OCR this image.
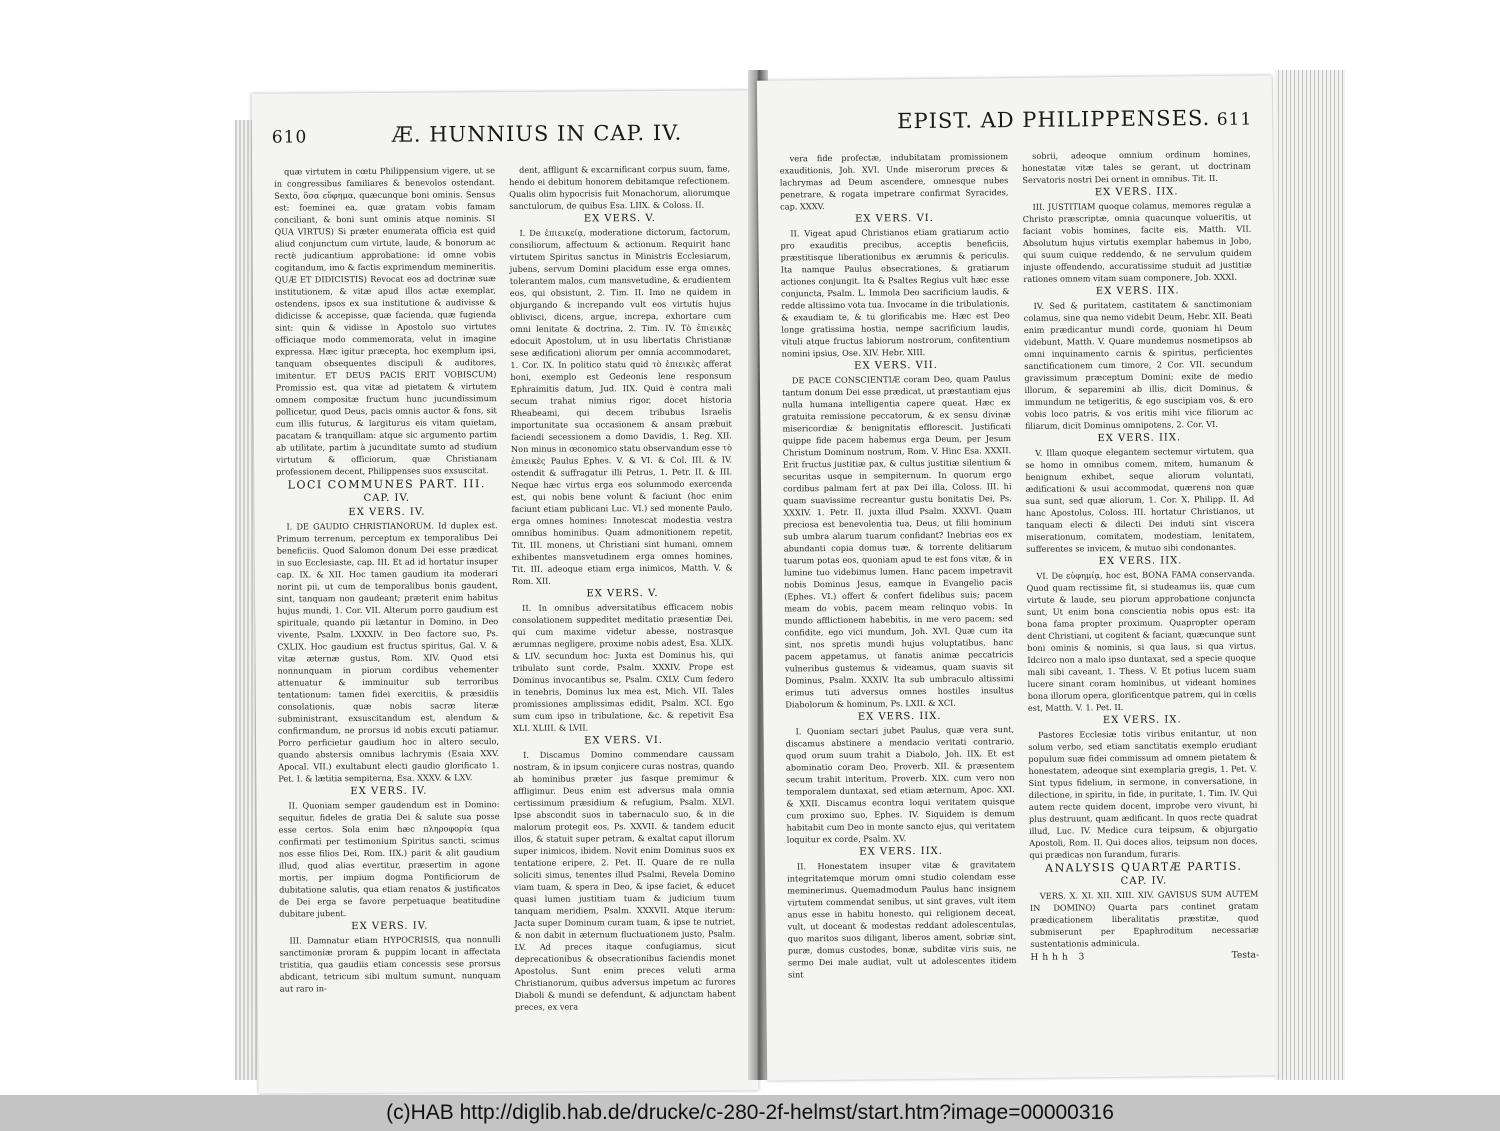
610	Æ. HUNNIUS IN CAP. IV.

quæ virtutem in cœtu Philippensium vigere, ut se in congressibus familiares & benevolos ostendant. Sexto, ὅσα εὔφημα, quæcunque boni ominis. Sensus est: foeminei ea, quæ gratam vobis famam conciliant, & boni sunt ominis atque nominis. SI QUA VIRTUS) Si præter enumerata officia est quid aliud conjunctum cum virtute, laude, & bonorum ac rectè judicantium approbatione: id omne vobis cogitandum, imo & factis exprimendum memineritis. QUÆ ET DIDICISTIS) Revocat eos ad doctrinæ suæ institutionem, & vitæ apud illos actæ exemplar, ostendens, ipsos ex sua institutione & audivisse & didicisse & accepisse, quæ facienda, quæ fugienda sint: quin & vidisse in Apostolo suo virtutes officiaque modo commemorata, velut in imagine expressa. Hæc igitur præcepta, hoc exemplum ipsi, tanquam obsequentes discipuli & auditores, imitentur. ET DEUS PACIS ERIT VOBISCUM) Promissio est, qua vitæ ad pietatem & virtutem omnem compositæ fructum hunc jucundissimum pollicetur, quod Deus, pacis omnis auctor & fons, sit cum illis futurus, & largiturus eis vitam quietam, pacatam & tranquillam: atque sic argumento partim ab utilitate, partim à jucunditate sumto ad studium virtutum & officiorum, quæ Christianam professionem decent, Philippenses suos exsuscitat.

LOCI COMMUNES PART. III.
CAP. IV.
EX VERS. IV.

I. DE GAUDIO CHRISTIANORUM. Id duplex est. Primum terrenum, perceptum ex temporalibus Dei beneficiis. Quod Salomon donum Dei esse prædicat in suo Ecclesiaste, cap. III. Et ad id hortatur insuper cap. IX. & XII. Hoc tamen gaudium ita moderari norint pii, ut cum de temporalibus bonis gaudent, sint, tanquam non gaudeant; præterit enim habitus hujus mundi, 1. Cor. VII. Alterum porro gaudium est spirituale, quando pii lætantur in Domino, in Deo vivente, Psalm. LXXXIV. in Deo factore suo, Ps. CXLIX. Hoc gaudium est fructus spiritus, Gal. V. & vitæ æternæ gustus, Rom. XIV. Quod etsi nonnunquam in piorum cordibus vehementer attenuatur & imminuitur sub terroribus tentationum: tamen fidei exercitiis, & præsidiis consolationis, quæ nobis sacræ literæ subministrant, exsuscitandum est, alendum & confirmandum, ne prorsus id nobis excuti patiamur. Porro perficietur gaudium hoc in altero seculo, quando abstersis omnibus lachrymis (Esaia XXV. Apocal. VII.) exultabunt electi gaudio glorificato 1. Pet. I. & lætitia sempiterna, Esa. XXXV. & LXV.

EX VERS. IV.

II. Quoniam semper gaudendum est in Domino: sequitur, fideles de gratia Dei & salute sua posse esse certos. Sola enim hæc πληροφορία (qua confirmati per testimonium Spiritus sancti, scimus nos esse filios Dei, Rom. IIX.) parit & alit gaudium illud, quod alias evertitur, præsertim in agone mortis, per impium dogma Pontificiorum de dubitatione salutis, qua etiam renatos & justificatos de Dei erga se favore perpetuaque beatitudine dubitare jubent.

EX VERS. IV.

III. Damnatur etiam HYPOCRISIS, qua nonnulli sanctimoniæ proram & puppim locant in affectata tristitia, qua gaudiis etiam concessis sese prorsus abdicant, tetricum sibi multum sumunt, nunquam aut raro in-

dent, affligunt & excarnificant corpus suum, fame, hendo ei debitum honorem debitamque refectionem. Qualis olim hypocrisis fuit Monachorum, aliorumque sanctulorum, de quibus Esa. LIIX. & Coloss. II.

EX VERS. V.

I. De ἐπιεικείᾳ, moderatione dictorum, factorum, consiliorum, affectuum & actionum. Requirit hanc virtutem Spiritus sanctus in Ministris Ecclesiarum, jubens, servum Domini placidum esse erga omnes, tolerantem malos, cum mansvetudine, & erudientem eos, qui obsistunt, 2. Tim. II. Imo ne quidem in objurgando & increpando vult eos virtutis hujus oblivisci, dicens, argue, increpa, exhortare cum omni lenitate & doctrina, 2. Tim. IV. Τὸ ἐπιεικὲς edocuit Apostolum, ut in usu libertatis Christianæ sese ædificationi aliorum per omnia accommodaret, 1. Cor. IX. In politico statu quid τὸ ἐπιεικὲς afferat boni, exemplo est Gedeonis lene responsum Ephraimitis datum, Jud. IIX. Quid è contra mali secum trahat nimius rigor, docet historia Rheabeami, qui decem tribubus Israelis importunitate sua occasionem & ansam præbuit faciendi secessionem a domo Davidis, 1. Reg. XII. Non minus in œconomico statu observandum esse τὸ ἐπιεικὲς Paulus Ephes. V. & VI. & Col. III. & IV. ostendit & suffragatur illi Petrus, 1. Petr. II. & III. Neque hæc virtus erga eos solummodo exercenda est, qui nobis bene volunt & faciunt (hoc enim faciunt etiam publicani Luc. VI.) sed monente Paulo, erga omnes homines: Innotescat modestia vestra omnibus hominibus. Quam admonitionem repetit, Tit. III. monens, ut Christiani sint humani, omnem exhibentes mansvetudinem erga omnes homines, Tit. III. adeoque etiam erga inimicos, Matth. V. & Rom. XII.

EX VERS. V.

II. In omnibus adversitatibus efficacem nobis consolationem suppeditet meditatio præsentiæ Dei, qui cum maxime videtur abesse, nostrasque ærumnas negligere, proxime nobis adest, Esa. XLIX. & LIV. secundum hoc: Juxta est Dominus his, qui tribulato sunt corde, Psalm. XXXIV. Prope est Dominus invocantibus se, Psalm. CXLV. Cum federo in tenebris, Dominus lux mea est, Mich. VII. Tales promissiones amplissimas edidit, Psalm. XCI. Ego sum cum ipso in tribulatione, &c. & repetivit Esa XLI. XLIII. & LVII.

EX VERS. VI.

I. Discamus Domino commendare caussam nostram, & in ipsum conjicere curas nostras, quando ab hominibus præter jus fasque premimur & affligimur. Deus enim est adversus mala omnia certissimum præsidium & refugium, Psalm. XLVI. Ipse abscondit suos in tabernaculo suo, & in die malorum protegit eos, Ps. XXVII. & tandem educit illos, & statuit super petram, & exaltat caput illorum super inimicos, ibidem. Novit enim Dominus suos ex tentatione eripere, 2. Pet. II. Quare de re nulla soliciti simus, tenentes illud Psalmi, Revela Domino viam tuam, & spera in Deo, & ipse faciet, & educet quasi lumen justitiam tuam & judicium tuum tanquam meridiem, Psalm. XXXVII. Atque iterum: Jacta super Dominum curam tuam, & ipse te nutriet, & non dabit in æternum fluctuationem justo, Psalm. LV. Ad preces itaque confugiamus, sicut deprecationibus & obsecrationibus faciendis monet Apostolus. Sunt enim preces veluti arma Christianorum, quibus adversus impetum ac furores Diaboli & mundi se defendunt, & adjunctam habent preces, ex vera

EPIST. AD PHILIPPENSES. 611

vera fide profectæ, indubitatam promissionem exauditionis, Joh. XVI. Unde miserorum preces & lachrymas ad Deum ascendere, omnesque nubes penetrare, & rogata impetrare confirmat Syracides, cap. XXXV.

EX VERS. VI.

II. Vigeat apud Christianos etiam gratiarum actio pro exauditis precibus, acceptis beneficiis, præstitisque liberationibus ex ærumnis & periculis. Ita namque Paulus obsecrationes, & gratiarum actiones conjungit. Ita & Psaltes Regius vult hæc esse conjuncta, Psalm. L. Immola Deo sacrificium laudis, & redde altissimo vota tua. Invocame in die tribulationis, & exaudiam te, & tu glorificabis me. Hæc est Deo longe gratissima hostia, nempe sacrificium laudis, vituli atque fructus labiorum nostrorum, confitentium nomini ipsius, Ose. XIV. Hebr. XIII.

EX VERS. VII.

DE PACE CONSCIENTIÆ coram Deo, quam Paulus tantum donum Dei esse prædicat, ut præstantiam ejus nulla humana intelligentia capere queat. Hæc ex gratuita remissione peccatorum, & ex sensu divinæ misericordiæ & benignitatis efflorescit. Justificati quippe fide pacem habemus erga Deum, per Jesum Christum Dominum nostrum, Rom. V. Hinc Esa. XXXII. Erit fructus justitiæ pax, & cultus justitiæ silentium & securitas usque in sempiternum. In quorum ergo cordibus palmam fert at pax Dei illa, Coloss. III. hi quam suavissime recreantur gustu bonitatis Dei, Ps. XXXIV. 1. Petr. II. juxta illud Psalm. XXXVI. Quam preciosa est benevolentia tua, Deus, ut filii hominum sub umbra alarum tuarum confidant? Inebrias eos ex abundanti copia domus tuæ, & torrente delitiarum tuarum potas eos, quoniam apud te est fons vitæ, & in lumine tuo videbimus lumen. Hanc pacem impetravit nobis Dominus Jesus, eamque in Evangelio pacis (Ephes. VI.) offert & confert fidelibus suis; pacem meam do vobis, pacem meam relinquo vobis. In mundo afflictionem habebitis, in me vero pacem; sed confidite, ego vici mundum, Joh. XVI. Quæ cum ita sint, nos spretis mundi hujus voluptatibus, hanc pacem appetamus, ut fanatis animæ peccatricis vulneribus gustemus & videamus, quam suavis sit Dominus, Psalm. XXXIV. Ita sub umbraculo altissimi erimus tuti adversus omnes hostiles insultus Diabolorum & hominum, Ps. LXII. & XCI.

EX VERS. IIX.

I. Quoniam sectari jubet Paulus, quæ vera sunt, discamus abstinere a mendacio veritati contrario, quod orum suum trahit a Diabolo, Joh. IIX. Et est abominatio coram Deo, Proverb. XII. & præsentem secum trahit interitum, Proverb. XIX. cum vero non temporalem duntaxat, sed etiam æternum, Apoc. XXI. & XXII. Discamus econtra loqui veritatem quisque cum proximo suo, Ephes. IV. Siquidem is demum habitabit cum Deo in monte sancto ejus, qui veritatem loquitur ex corde, Psalm. XV.

EX VERS. IIX.

II. Honestatem insuper vitæ & gravitatem integritatemque morum omni studio colendam esse meminerimus. Quemadmodum Paulus hanc insignem virtutem commendat senibus, ut sint graves, vult item anus esse in habitu honesto, qui religionem deceat, vult, ut doceant & modestas reddant adolescentulas, quo maritos suos diligant, liberos ament, sobriæ sint, puræ, domus custodes, bonæ, subditæ viris suis, ne sermo Dei male audiat, vult ut adolescentes itidem sint

sobrii, adeoque omnium ordinum homines, honestatæ vitæ tales se gerant, ut doctrinam Servatoris nostri Dei ornent in omnibus. Tit. II.

EX VERS. IIX.

III. JUSTITIAM quoque colamus, memores regulæ a Christo præscriptæ, omnia quacunque volueritis, ut faciant vobis homines, facite eis, Matth. VII. Absolutum hujus virtutis exemplar habemus in Jobo, qui suum cuique reddendo, & ne servulum quidem injuste offendendo, accuratissime studuit ad justitiæ rationes omnem vitam suam componere, Job. XXXI.

EX VERS. IIX.

IV. Sed & puritatem, castitatem & sanctimoniam colamus, sine qua nemo videbit Deum, Hebr. XII. Beati enim prædicantur mundi corde, quoniam hi Deum videbunt, Matth. V. Quare mundemus nosmetipsos ab omni inquinamento carnis & spiritus, perficientes sanctificationem cum timore, 2 Cor. VII. secundum gravissimum præceptum Domini; exite de medio illorum, & separemini ab illis, dicit Dominus, & immundum ne tetigeritis, & ego suscipiam vos, & ero vobis loco patris, & vos eritis mihi vice filiorum ac filiarum, dicit Dominus omnipotens, 2. Cor. VI.

EX VERS. IIX.

V. Illam quoque elegantem sectemur virtutem, qua se homo in omnibus comem, mitem, humanum & benignum exhibet, seque aliorum voluntati, ædificationi & usui accommodat, quærens non quæ sua sunt, sed quæ aliorum, 1. Cor. X. Philipp. II. Ad hanc Apostolus, Coloss. III. hortatur Christianos, ut tanquam electi & dilecti Dei induti sint viscera miserationum, comitatem, modestiam, lenitatem, sufferentes se invicem, & mutuo sibi condonantes.

EX VERS. IIX.

VI. De εὐφημίᾳ, hoc est, BONA FAMA conservanda. Quod quam rectissime fit, si studeamus iis, quæ cum virtute & laude, seu piorum approbatione conjuncta sunt, Ut enim bona conscientia nobis opus est: ita bona fama propter proximum. Quapropter operam dent Christiani, ut cogitent & faciant, quæcunque sunt boni ominis & nominis, si qua laus, si qua virtus. Idcirco non a malo ipso duntaxat, sed a specie quoque mali sibi caveant, 1. Thess. V. Et potius lucem suam lucere sinant coram hominibus, ut videant homines bona illorum opera, glorificentque patrem, qui in cœlis est, Matth. V. 1. Pet. II.

EX VERS. IX.

Pastores Ecclesiæ totis viribus enitantur, ut non solum verbo, sed etiam sanctitatis exemplo erudiant populum suæ fidei commissum ad omnem pietatem & honestatem, adeoque sint exemplaria gregis, 1. Pet. V. Sint typus fidelium, in sermone, in conversatione, in dilectione, in spiritu, in fide, in puritate, 1. Tim. IV. Qui autem recte quidem docent, improbe vero vivunt, hi plus destruunt, quam ædificant. In quos recte quadrat illud, Luc. IV. Medice cura teipsum, & objurgatio Apostoli, Rom. II. Qui doces alios, teipsum non doces, qui prædicas non furandum, furaris.

ANALYSIS QUARTÆ PARTIS.
CAP. IV.

VERS. X. XI. XII. XIII. XIV. GAVISUS SUM AUTEM IN DOMINO) Quarta pars continet gratam prædicationem liberalitatis præstitæ, quod submiserunt per Epaphroditum necessariæ sustentationis adminicula.

Hhhh 3	Testa-
(c)HAB http://diglib.hab.de/drucke/c-280-2f-helmst/start.htm?image=00000316
